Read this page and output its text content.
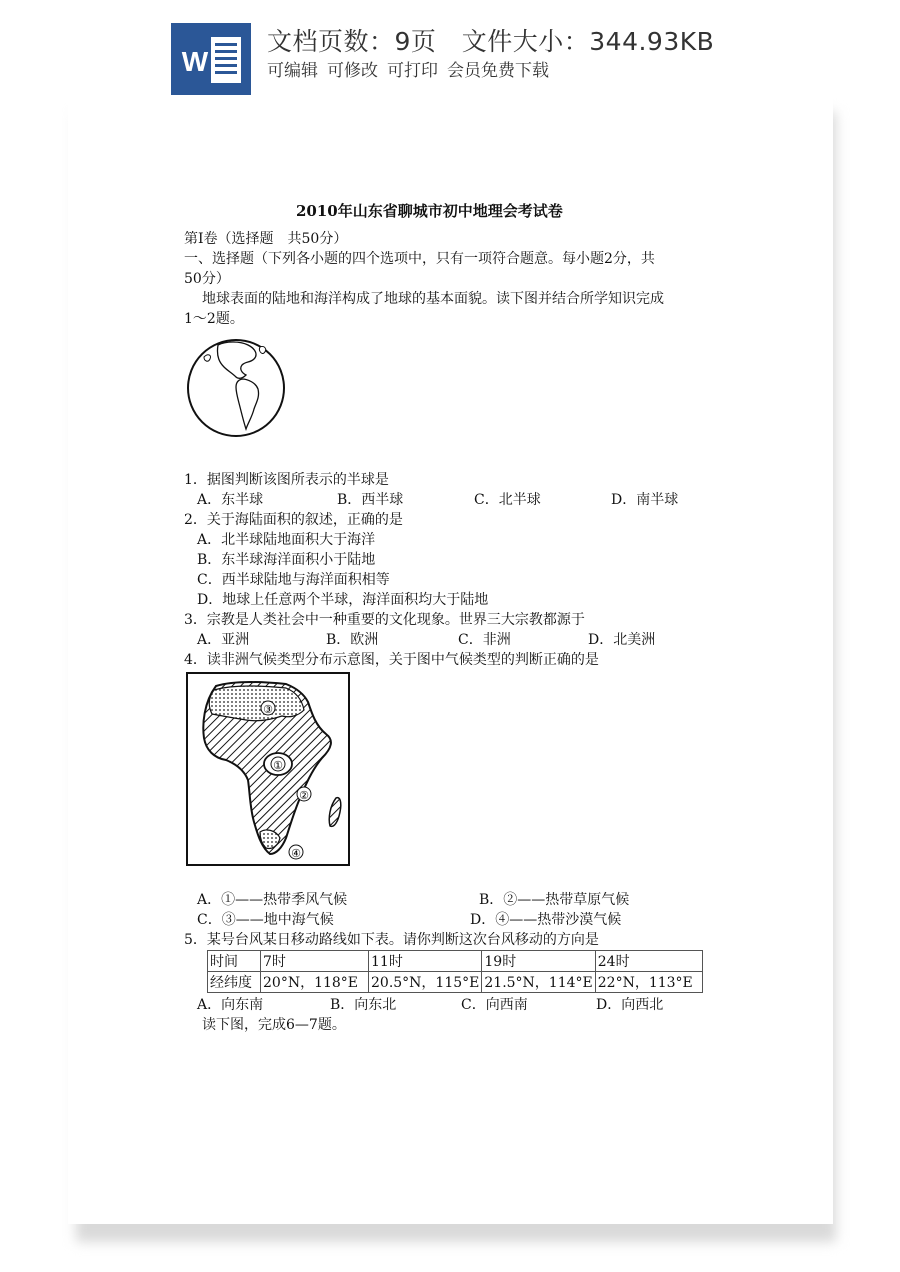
W
文档页数：9页 文件大小：344.93KB
可编辑 可修改 可打印 会员免费下载
2010年山东省聊城市初中地理会考试卷
第Ⅰ卷（选择题　共50分）
一、选择题（下列各小题的四个选项中，只有一项符合题意。每小题2分，共
50分）
地球表面的陆地和海洋构成了地球的基本面貌。读下图并结合所学知识完成
1～2题。
1．据图判断该图所表示的半球是
A．东半球	B．西半球	C．北半球	D．南半球
2．关于海陆面积的叙述，正确的是
A．北半球陆地面积大于海洋
B．东半球海洋面积小于陆地
C．西半球陆地与海洋面积相等
D．地球上任意两个半球，海洋面积均大于陆地
3．宗教是人类社会中一种重要的文化现象。世界三大宗教都源于
A．亚洲	B．欧洲	C．非洲	D．北美洲
4．读非洲气候类型分布示意图，关于图中气候类型的判断正确的是
③
①
②
④
A．①——热带季风气候	B．②——热带草原气候
C．③——地中海气候	D．④——热带沙漠气候
5．某号台风某日移动路线如下表。请你判断这次台风移动的方向是
时间	7时	11时	19时	24时
经纬度	20°N，118°E	20.5°N，115°E	21.5°N，114°E	22°N，113°E
A．向东南	B．向东北	C．向西南	D．向西北
读下图，完成6—7题。
